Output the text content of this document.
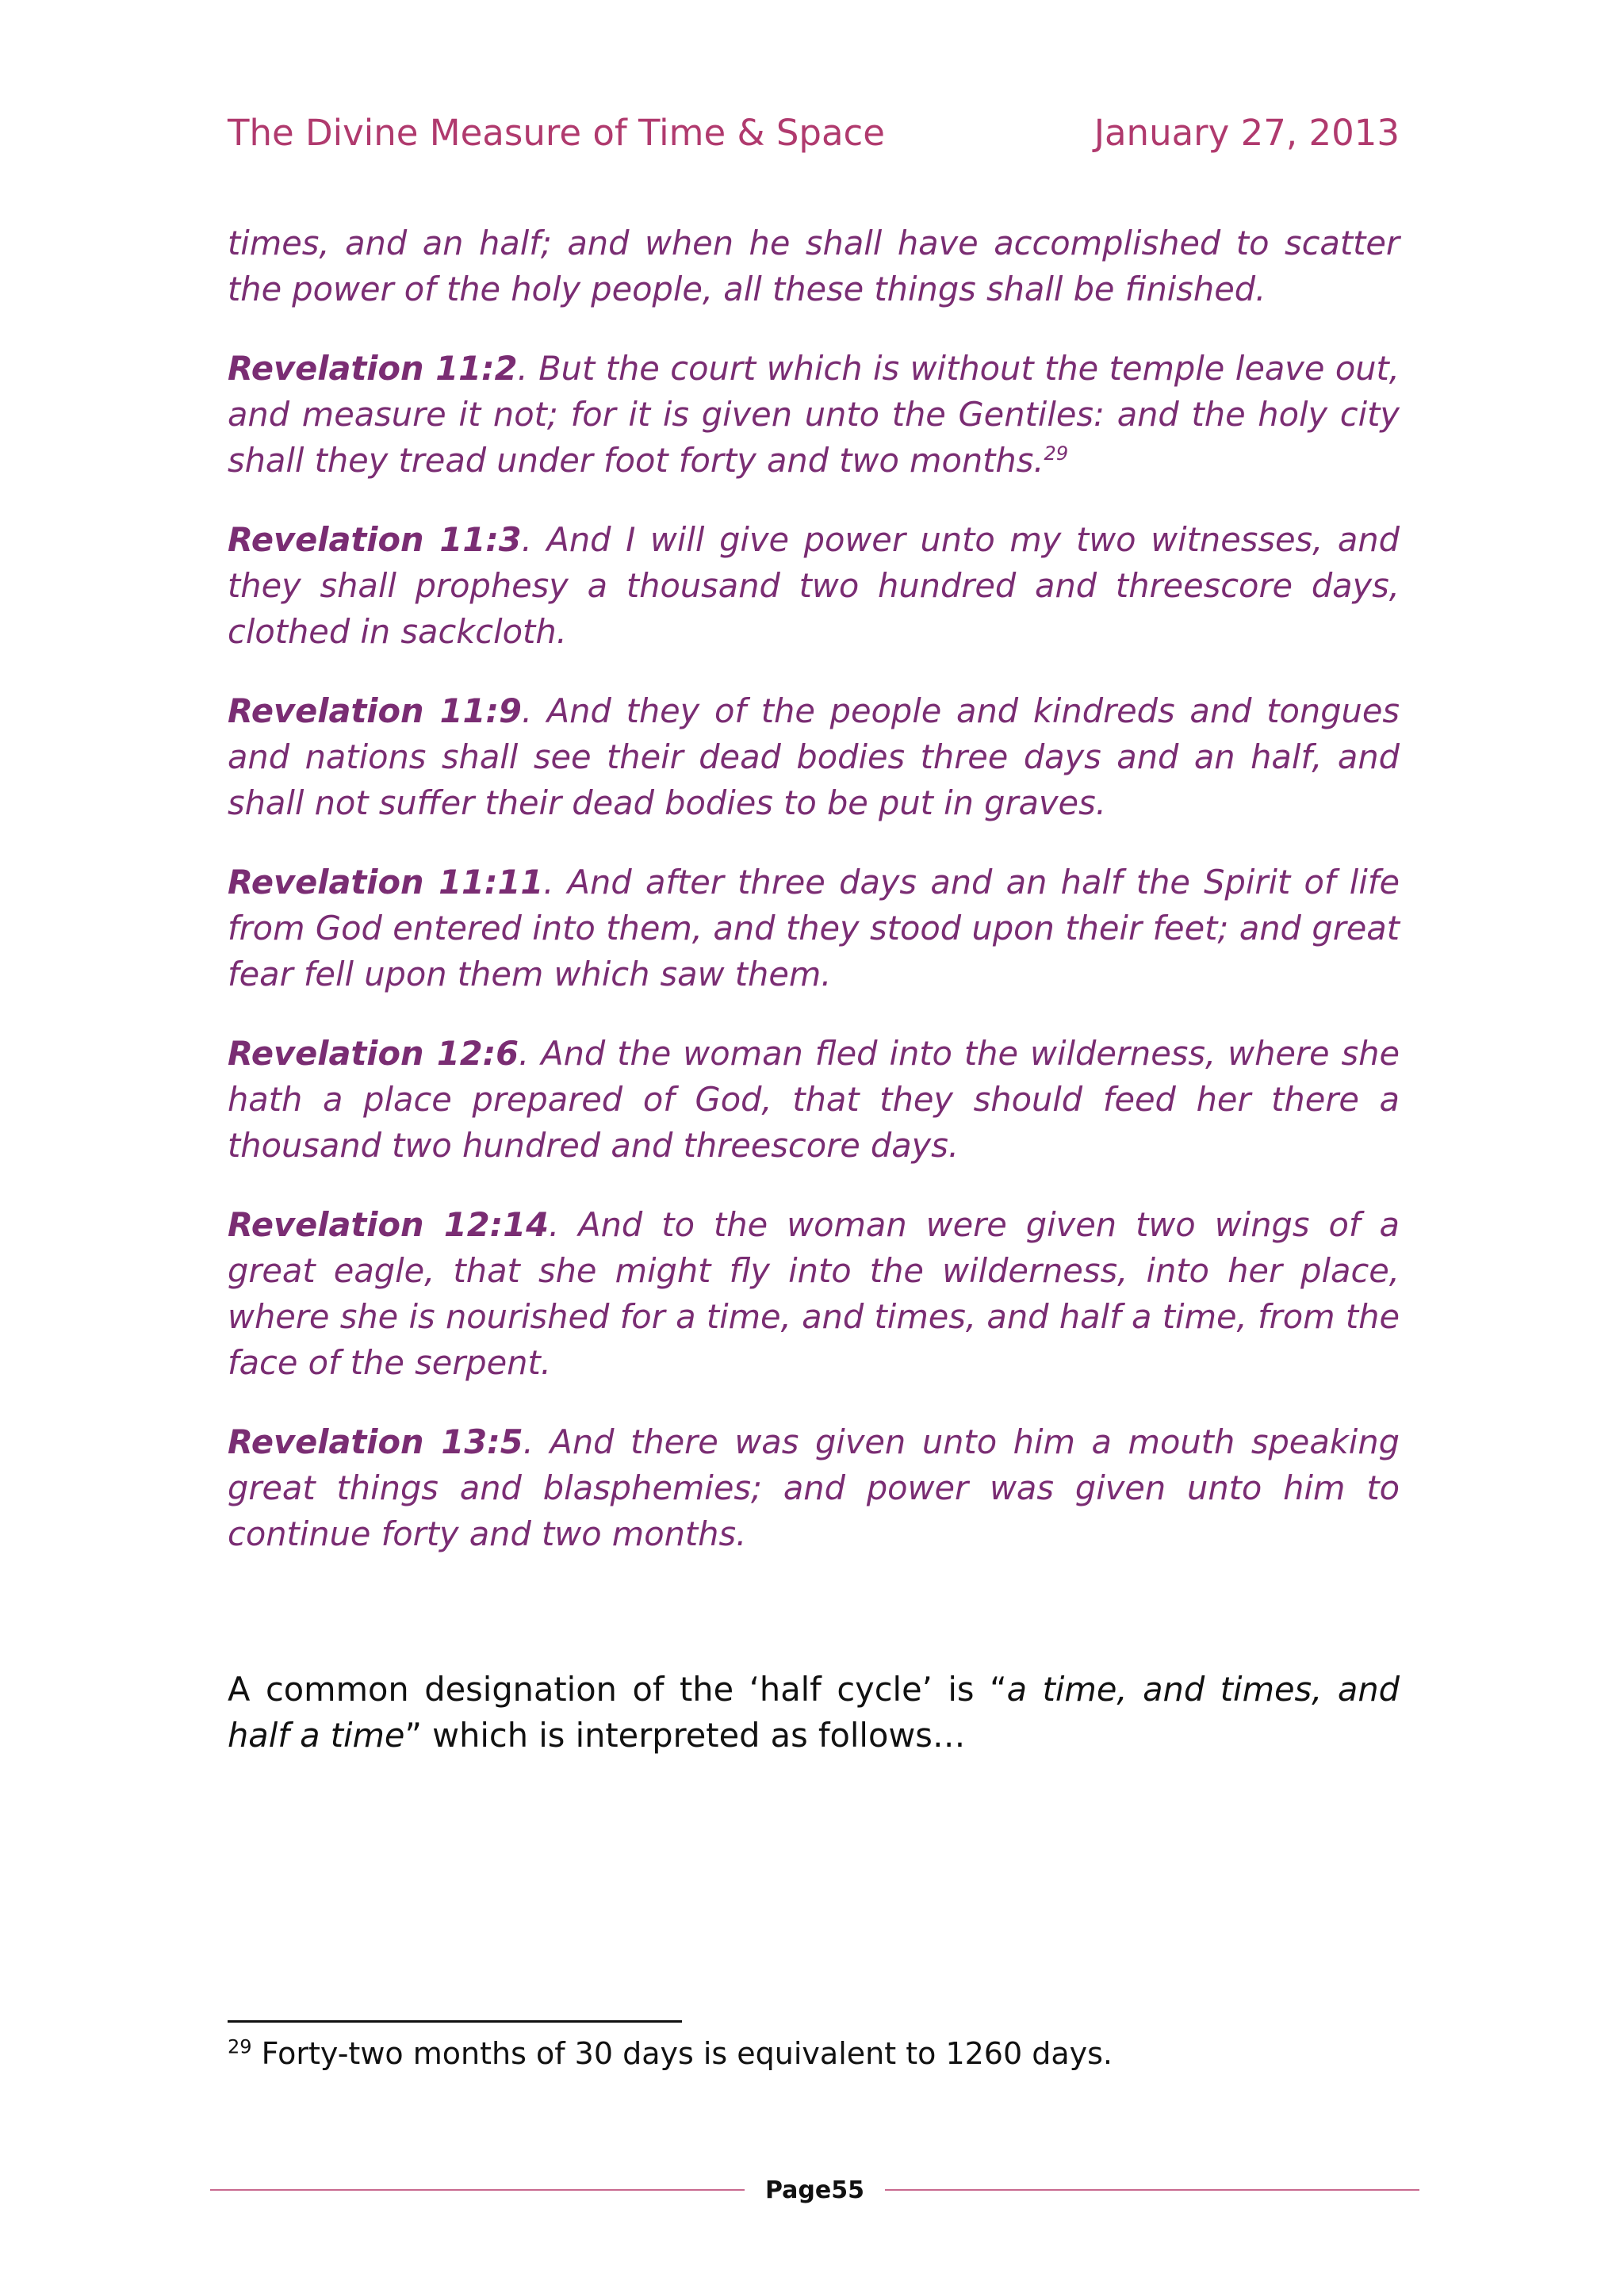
The Divine Measure of Time & Space	January 27, 2013

times, and an half; and when he shall have accomplished to scatter the power of the holy people, all these things shall be finished.

Revelation 11:2. But the court which is without the temple leave out, and measure it not; for it is given unto the Gentiles: and the holy city shall they tread under foot forty and two months.$^{29}$

Revelation 11:3. And I will give power unto my two witnesses, and they shall prophesy a thousand two hundred and threescore days, clothed in sackcloth.

Revelation 11:9. And they of the people and kindreds and tongues and nations shall see their dead bodies three days and an half, and shall not suffer their dead bodies to be put in graves.

Revelation 11:11. And after three days and an half the Spirit of life from God entered into them, and they stood upon their feet; and great fear fell upon them which saw them.

Revelation 12:6. And the woman fled into the wilderness, where she hath a place prepared of God, that they should feed her there a thousand two hundred and threescore days.

Revelation 12:14. And to the woman were given two wings of a great eagle, that she might fly into the wilderness, into her place, where she is nourished for a time, and times, and half a time, from the face of the serpent.

Revelation 13:5. And there was given unto him a mouth speaking great things and blasphemies; and power was given unto him to continue forty and two months.

A common designation of the ‘half cycle’ is “a time, and times, and half a time” which is interpreted as follows…
$^{29}$ Forty-two months of 30 days is equivalent to 1260 days.
Page55
